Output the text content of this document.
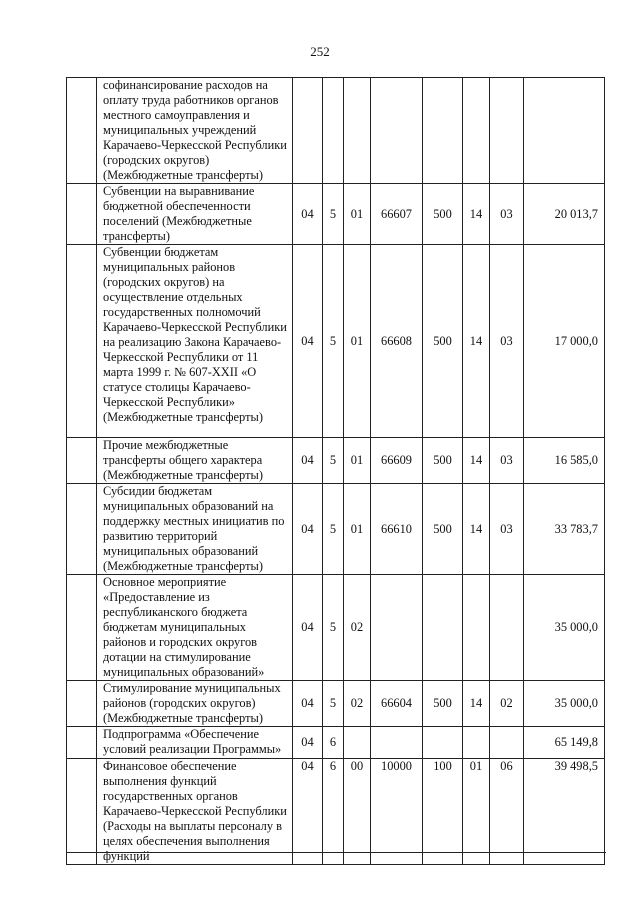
252
	софинансирование расходов на оплату труда работников органов местного самоуправления и муниципальных учреждений Карачаево-Черкесской Республики (городских округов) (Межбюджетные трансферты)								
	Субвенции на выравнивание бюджетной обеспеченности поселений (Межбюджетные трансферты)	04	5	01	66607	500	14	03	20 013,7
	Субвенции бюджетам муниципальных районов (городских округов) на осуществление отдельных государственных полномочий Карачаево-Черкесской Республики на реализацию Закона Карачаево-Черкесской Республики от 11 марта 1999 г. № 607-XXII «О статусе столицы Карачаево-Черкесской Республики» (Межбюджетные трансферты)	04	5	01	66608	500	14	03	17 000,0
	Прочие межбюджетные трансферты общего характера (Межбюджетные трансферты)	04	5	01	66609	500	14	03	16 585,0
	Субсидии бюджетам муниципальных образований на поддержку местных инициатив по развитию территорий муниципальных образований (Межбюджетные трансферты)	04	5	01	66610	500	14	03	33 783,7
	Основное мероприятие «Предоставление из республиканского бюджета бюджетам муниципальных районов и городских округов дотации на стимулирование муниципальных образований»	04	5	02					35 000,0
	Стимулирование муниципальных районов (городских округов) (Межбюджетные трансферты)	04	5	02	66604	500	14	02	35 000,0
	Подпрограмма «Обеспечение условий реализации Программы»	04	6						65 149,8
	Финансовое обеспечение выполнения функций государственных органов Карачаево-Черкесской Республики (Расходы на выплаты персоналу в целях обеспечения выполнения функций	04	6	00	10000	100	01	06	39 498,5
